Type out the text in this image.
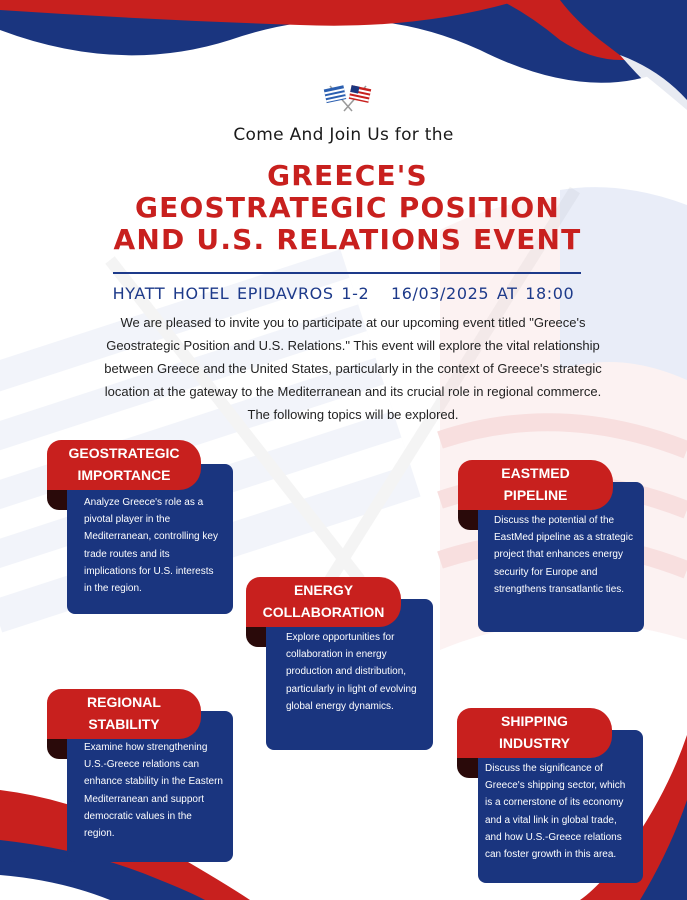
Come And Join Us for the
GREECE'S
GEOSTRATEGIC POSITION
AND U.S. RELATIONS EVENT
HYATT HOTEL EPIDAVROS 1-2 16/03/2025 AT 18:00
We are pleased to invite you to participate at our upcoming event titled "Greece's Geostrategic Position and U.S. Relations." This event will explore the vital relationship between Greece and the United States, particularly in the context of Greece's strategic location at the gateway to the Mediterranean and its crucial role in regional commerce. The following topics will be explored.
Analyze Greece's role as a pivotal player in the Mediterranean, controlling key trade routes and its implications for U.S. interests in the region.
GEOSTRATEGIC
IMPORTANCE
Discuss the potential of the EastMed pipeline as a strategic project that enhances energy security for Europe and strengthens transatlantic ties.
EASTMED
PIPELINE
Explore opportunities for collaboration in energy production and distribution, particularly in light of evolving global energy dynamics.
ENERGY
COLLABORATION
Examine how strengthening U.S.-Greece relations can enhance stability in the Eastern Mediterranean and support democratic values in the region.
REGIONAL
STABILITY
Discuss the significance of Greece's shipping sector, which is a cornerstone of its economy and a vital link in global trade, and how U.S.-Greece relations can foster growth in this area.
SHIPPING
INDUSTRY
